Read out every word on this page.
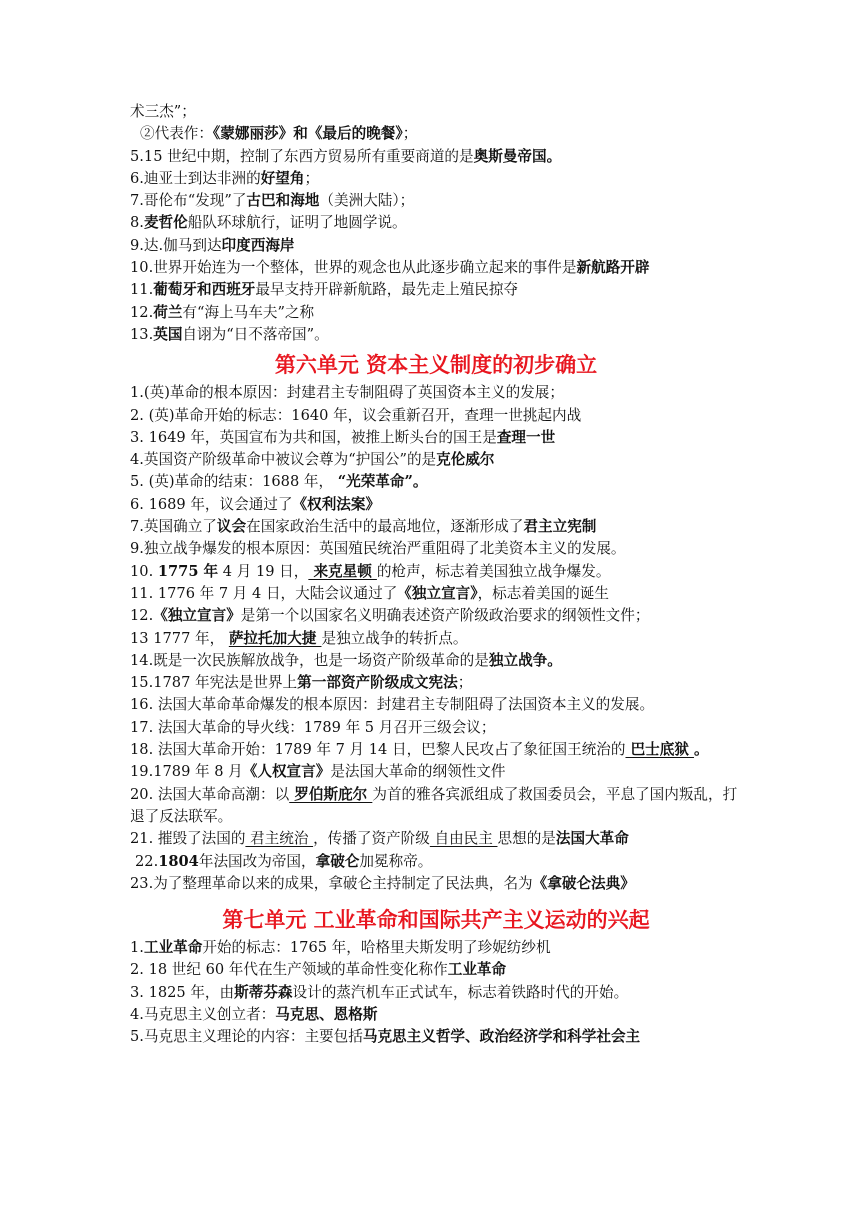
术三杰”；
②代表作：《蒙娜丽莎》和《最后的晚餐》；
5.15 世纪中期，控制了东西方贸易所有重要商道的是奥斯曼帝国。
6.迪亚士到达非洲的好望角；
7.哥伦布“发现”了古巴和海地（美洲大陆）；
8.麦哲伦船队环球航行，证明了地圆学说。
9.达.伽马到达印度西海岸
10.世界开始连为一个整体，世界的观念也从此逐步确立起来的事件是新航路开辟
11.葡萄牙和西班牙最早支持开辟新航路，最先走上殖民掠夺
12.荷兰有“海上马车夫”之称
13.英国自诩为“日不落帝国”。
第六单元 资本主义制度的初步确立
1.(英)革命的根本原因：封建君主专制阻碍了英国资本主义的发展；
2. (英)革命开始的标志：1640 年，议会重新召开，查理一世挑起内战
3. 1649 年，英国宣布为共和国，被推上断头台的国王是查理一世
4.英国资产阶级革命中被议会尊为“护国公”的是克伦威尔
5. (英)革命的结束：1688 年， “光荣革命”。
6. 1689 年，议会通过了《权利法案》
7.英国确立了议会在国家政治生活中的最高地位，逐渐形成了君主立宪制
9.独立战争爆发的根本原因：英国殖民统治严重阻碍了北美资本主义的发展。
10. 1775 年 4 月 19 日， 来克星顿 的枪声，标志着美国独立战争爆发。
11. 1776 年 7 月 4 日，大陆会议通过了《独立宣言》，标志着美国的诞生
12.《独立宣言》是第一个以国家名义明确表述资产阶级政治要求的纲领性文件；
13 1777 年， 萨拉托加大捷 是独立战争的转折点。
14.既是一次民族解放战争，也是一场资产阶级革命的是独立战争。
15.1787 年宪法是世界上第一部资产阶级成文宪法；
16. 法国大革命革命爆发的根本原因：封建君主专制阻碍了法国资本主义的发展。
17. 法国大革命的导火线：1789 年 5 月召开三级会议；
18. 法国大革命开始：1789 年 7 月 14 日，巴黎人民攻占了象征国王统治的 巴士底狱 。
19.1789 年 8 月《人权宣言》是法国大革命的纲领性文件
20. 法国大革命高潮：以 罗伯斯庇尔 为首的雅各宾派组成了救国委员会，平息了国内叛乱，打退了反法联军。
21. 摧毁了法国的 君主统治 ，传播了资产阶级 自由民主 思想的是法国大革命
22.1804年法国改为帝国，拿破仑加冕称帝。
23.为了整理革命以来的成果，拿破仑主持制定了民法典，名为《拿破仑法典》
第七单元 工业革命和国际共产主义运动的兴起
1.工业革命开始的标志：1765 年，哈格里夫斯发明了珍妮纺纱机
2. 18 世纪 60 年代在生产领域的革命性变化称作工业革命
3. 1825 年，由斯蒂芬森设计的蒸汽机车正式试车，标志着铁路时代的开始。
4.马克思主义创立者：马克思、恩格斯
5.马克思主义理论的内容：主要包括马克思主义哲学、政治经济学和科学社会主
